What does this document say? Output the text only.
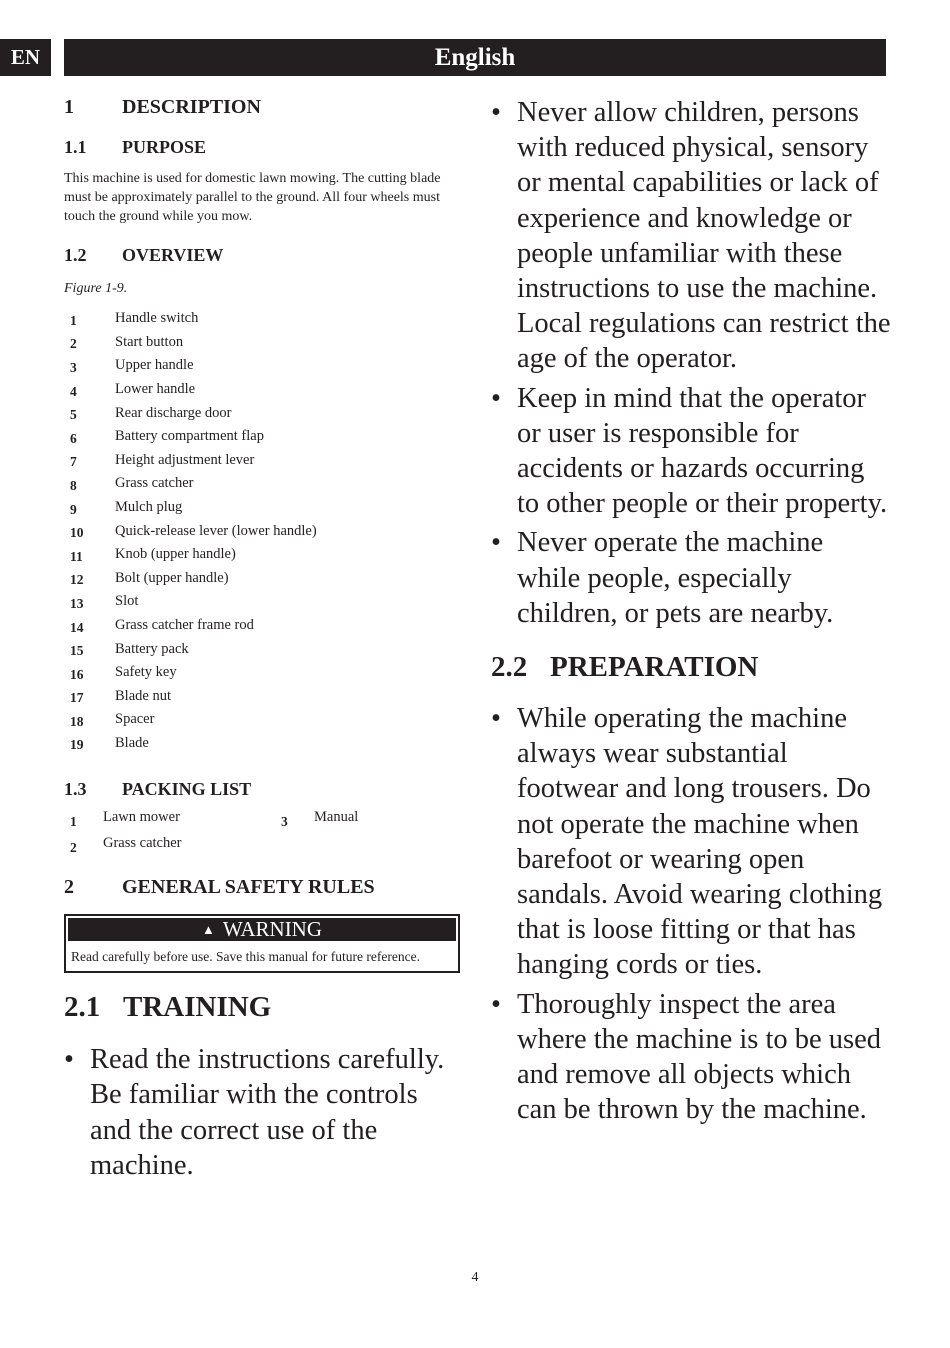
EN	English
1	DESCRIPTION
1.1	PURPOSE
This machine is used for domestic lawn mowing. The cutting blade must be approximately parallel to the ground. All four wheels must touch the ground while you mow.
1.2	OVERVIEW
Figure 1-9.
1	Handle switch
2	Start button
3	Upper handle
4	Lower handle
5	Rear discharge door
6	Battery compartment flap
7	Height adjustment lever
8	Grass catcher
9	Mulch plug
10	Quick-release lever (lower handle)
11	Knob (upper handle)
12	Bolt (upper handle)
13	Slot
14	Grass catcher frame rod
15	Battery pack
16	Safety key
17	Blade nut
18	Spacer
19	Blade
1.3	PACKING LIST
1	Lawn mower	3	Manual
2	Grass catcher
2	GENERAL SAFETY RULES
▲ WARNING
Read carefully before use. Save this manual for future reference.
2.1 TRAINING
• Read the instructions carefully. Be familiar with the controls and the correct use of the machine.
• Never allow children, persons with reduced physical, sensory or mental capabilities or lack of experience and knowledge or people unfamiliar with these instructions to use the machine. Local regulations can restrict the age of the operator.
• Keep in mind that the operator or user is responsible for accidents or hazards occurring to other people or their property.
• Never operate the machine while people, especially children, or pets are nearby.
2.2 PREPARATION
• While operating the machine always wear substantial footwear and long trousers. Do not operate the machine when barefoot or wearing open sandals. Avoid wearing clothing that is loose fitting or that has hanging cords or ties.
• Thoroughly inspect the area where the machine is to be used and remove all objects which can be thrown by the machine.
4
